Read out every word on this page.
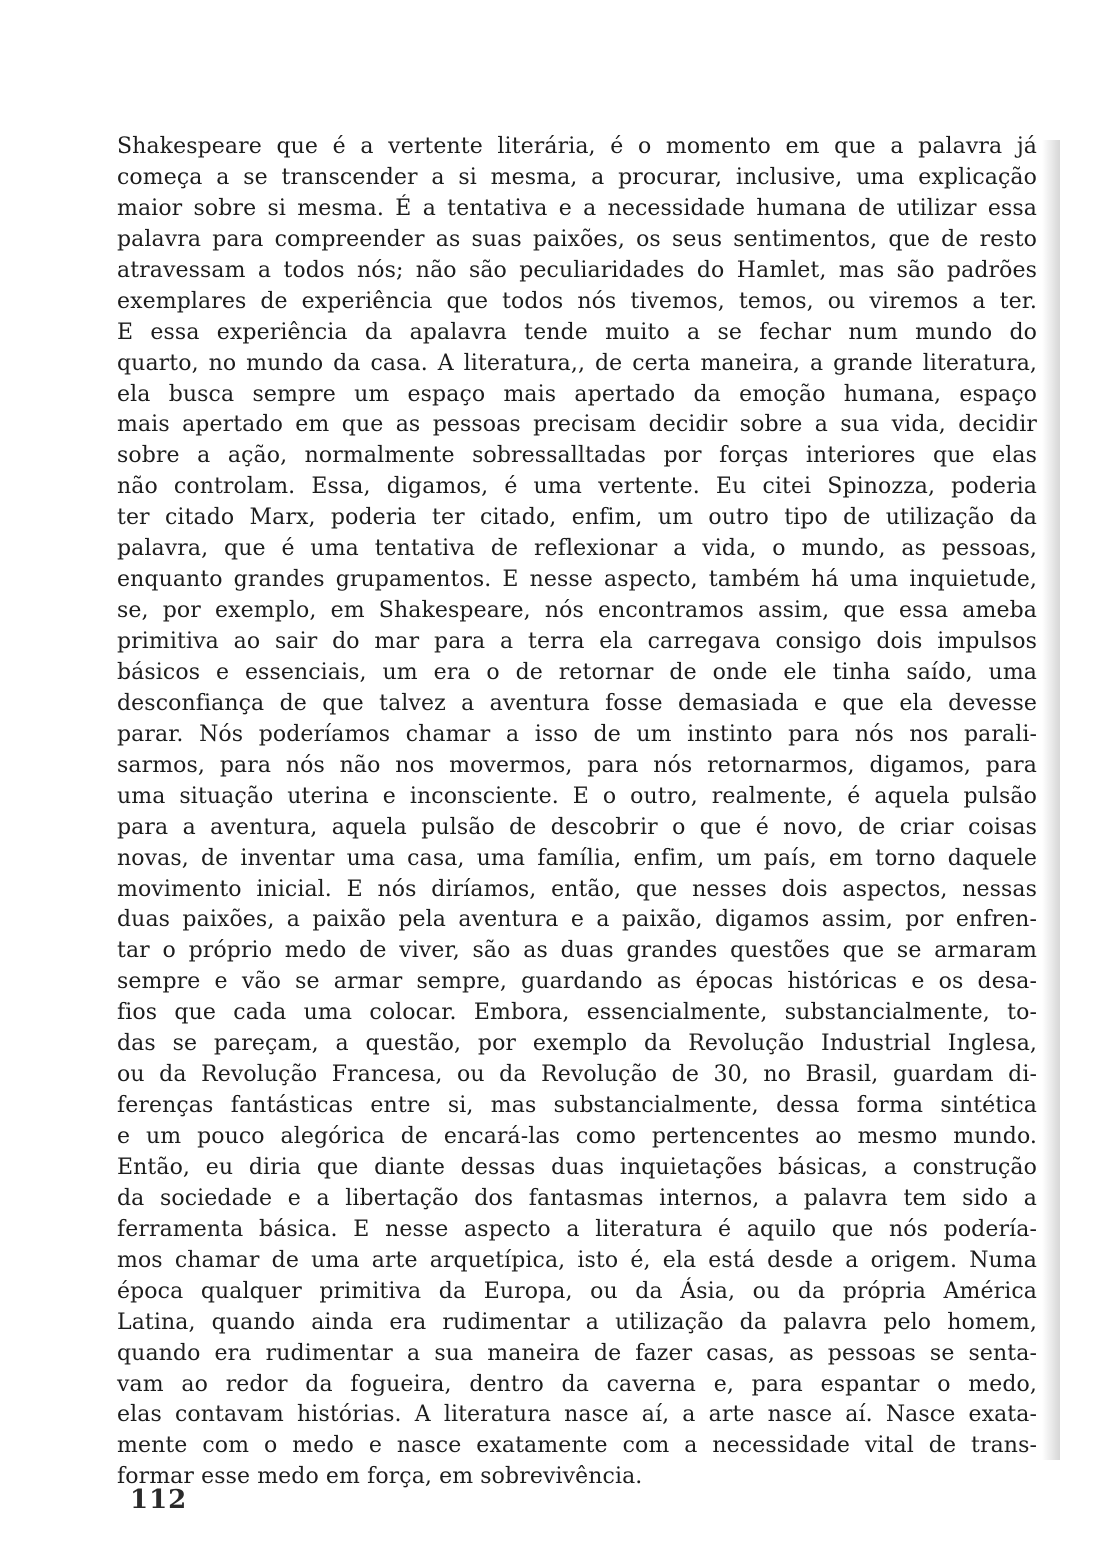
Shakespeare que é a vertente literária, é o momento em que a palavra já
começa a se transcender a si mesma, a procurar, inclusive, uma explicação
maior sobre si mesma. É a tentativa e a necessidade humana de utilizar essa
palavra para compreender as suas paixões, os seus sentimentos, que de resto
atravessam a todos nós; não são peculiaridades do Hamlet, mas são padrões
exemplares de experiência que todos nós tivemos, temos, ou viremos a ter.
E essa experiência da apalavra tende muito a se fechar num mundo do
quarto, no mundo da casa. A literatura,, de certa maneira, a grande literatura,
ela busca sempre um espaço mais apertado da emoção humana, espaço
mais apertado em que as pessoas precisam decidir sobre a sua vida, decidir
sobre a ação, normalmente sobressalltadas por forças interiores que elas
não controlam. Essa, digamos, é uma vertente. Eu citei Spinozza, poderia
ter citado Marx, poderia ter citado, enfim, um outro tipo de utilização da
palavra, que é uma tentativa de reflexionar a vida, o mundo, as pessoas,
enquanto grandes grupamentos. E nesse aspecto, também há uma inquietude,
se, por exemplo, em Shakespeare, nós encontramos assim, que essa ameba
primitiva ao sair do mar para a terra ela carregava consigo dois impulsos
básicos e essenciais, um era o de retornar de onde ele tinha saído, uma
desconfiança de que talvez a aventura fosse demasiada e que ela devesse
parar. Nós poderíamos chamar a isso de um instinto para nós nos parali-
sarmos, para nós não nos movermos, para nós retornarmos, digamos, para
uma situação uterina e inconsciente. E o outro, realmente, é aquela pulsão
para a aventura, aquela pulsão de descobrir o que é novo, de criar coisas
novas, de inventar uma casa, uma família, enfim, um país, em torno daquele
movimento inicial. E nós diríamos, então, que nesses dois aspectos, nessas
duas paixões, a paixão pela aventura e a paixão, digamos assim, por enfren-
tar o próprio medo de viver, são as duas grandes questões que se armaram
sempre e vão se armar sempre, guardando as épocas históricas e os desa-
fios que cada uma colocar. Embora, essencialmente, substancialmente, to-
das se pareçam, a questão, por exemplo da Revolução Industrial Inglesa,
ou da Revolução Francesa, ou da Revolução de 30, no Brasil, guardam di-
ferenças fantásticas entre si, mas substancialmente, dessa forma sintética
e um pouco alegórica de encará-las como pertencentes ao mesmo mundo.
Então, eu diria que diante dessas duas inquietações básicas, a construção
da sociedade e a libertação dos fantasmas internos, a palavra tem sido a
ferramenta básica. E nesse aspecto a literatura é aquilo que nós podería-
mos chamar de uma arte arquetípica, isto é, ela está desde a origem. Numa
época qualquer primitiva da Europa, ou da Ásia, ou da própria América
Latina, quando ainda era rudimentar a utilização da palavra pelo homem,
quando era rudimentar a sua maneira de fazer casas, as pessoas se senta-
vam ao redor da fogueira, dentro da caverna e, para espantar o medo,
elas contavam histórias. A literatura nasce aí, a arte nasce aí. Nasce exata-
mente com o medo e nasce exatamente com a necessidade vital de trans-
formar esse medo em força, em sobrevivência.
112
